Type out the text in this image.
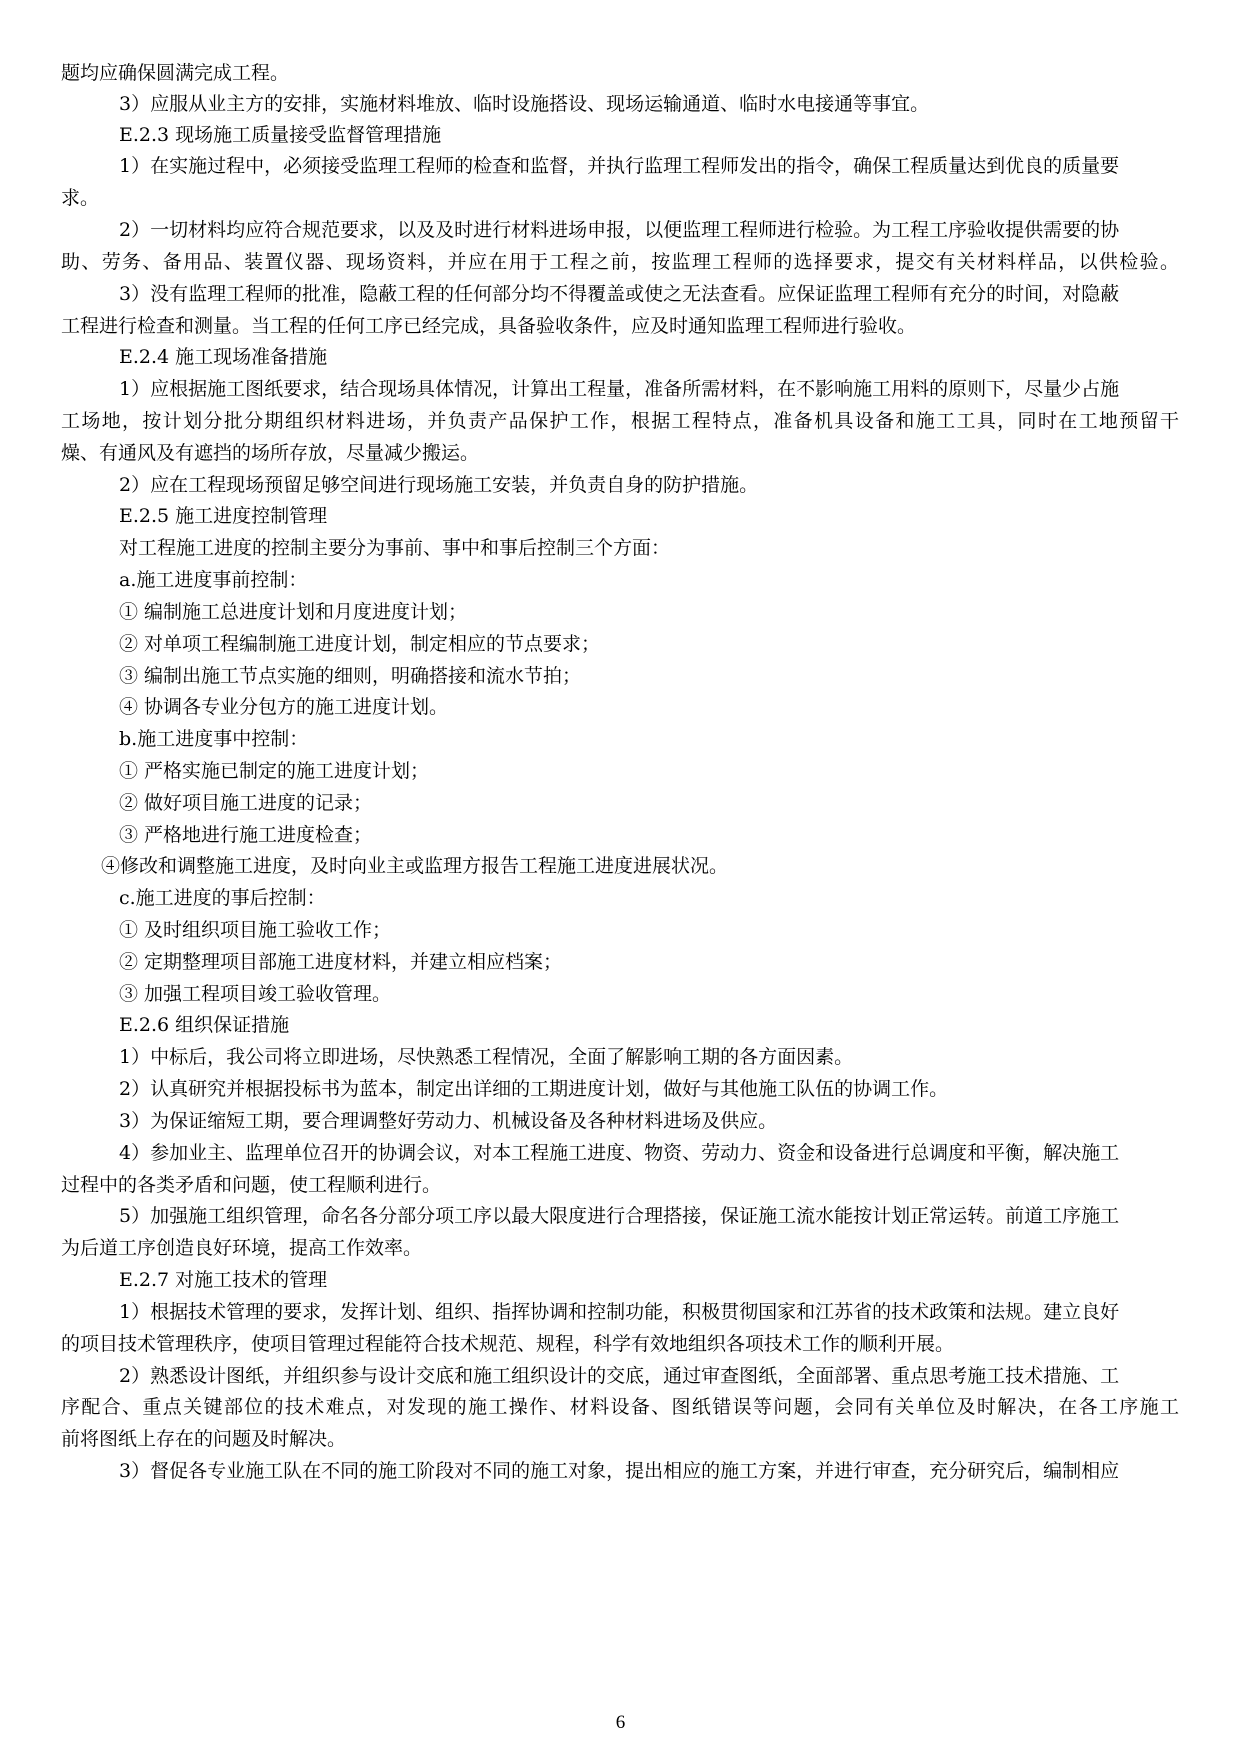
题均应确保圆满完成工程。
3）应服从业主方的安排，实施材料堆放、临时设施搭设、现场运输通道、临时水电接通等事宜。
E.2.3 现场施工质量接受监督管理措施
1）在实施过程中，必须接受监理工程师的检查和监督，并执行监理工程师发出的指令，确保工程质量达到优良的质量要
求。
2）一切材料均应符合规范要求，以及及时进行材料进场申报，以便监理工程师进行检验。为工程工序验收提供需要的协
助、劳务、备用品、装置仪器、现场资料，并应在用于工程之前，按监理工程师的选择要求，提交有关材料样品，以供检验。
3）没有监理工程师的批准，隐蔽工程的任何部分均不得覆盖或使之无法查看。应保证监理工程师有充分的时间，对隐蔽
工程进行检查和测量。当工程的任何工序已经完成，具备验收条件，应及时通知监理工程师进行验收。
E.2.4 施工现场准备措施
1）应根据施工图纸要求，结合现场具体情况，计算出工程量，准备所需材料，在不影响施工用料的原则下，尽量少占施
工场地，按计划分批分期组织材料进场，并负责产品保护工作，根据工程特点，准备机具设备和施工工具，同时在工地预留干
燥、有通风及有遮挡的场所存放，尽量减少搬运。
2）应在工程现场预留足够空间进行现场施工安装，并负责自身的防护措施。
E.2.5 施工进度控制管理
对工程施工进度的控制主要分为事前、事中和事后控制三个方面：
a.施工进度事前控制：
① 编制施工总进度计划和月度进度计划；
② 对单项工程编制施工进度计划，制定相应的节点要求；
③ 编制出施工节点实施的细则，明确搭接和流水节拍；
④ 协调各专业分包方的施工进度计划。
b.施工进度事中控制：
① 严格实施已制定的施工进度计划；
② 做好项目施工进度的记录；
③ 严格地进行施工进度检查；
④修改和调整施工进度，及时向业主或监理方报告工程施工进度进展状况。
c.施工进度的事后控制：
① 及时组织项目施工验收工作；
② 定期整理项目部施工进度材料，并建立相应档案；
③ 加强工程项目竣工验收管理。
E.2.6 组织保证措施
1）中标后，我公司将立即进场，尽快熟悉工程情况，全面了解影响工期的各方面因素。
2）认真研究并根据投标书为蓝本，制定出详细的工期进度计划，做好与其他施工队伍的协调工作。
3）为保证缩短工期，要合理调整好劳动力、机械设备及各种材料进场及供应。
4）参加业主、监理单位召开的协调会议，对本工程施工进度、物资、劳动力、资金和设备进行总调度和平衡，解决施工
过程中的各类矛盾和问题，使工程顺利进行。
5）加强施工组织管理，命名各分部分项工序以最大限度进行合理搭接，保证施工流水能按计划正常运转。前道工序施工
为后道工序创造良好环境，提高工作效率。
E.2.7 对施工技术的管理
1）根据技术管理的要求，发挥计划、组织、指挥协调和控制功能，积极贯彻国家和江苏省的技术政策和法规。建立良好
的项目技术管理秩序，使项目管理过程能符合技术规范、规程，科学有效地组织各项技术工作的顺利开展。
2）熟悉设计图纸，并组织参与设计交底和施工组织设计的交底，通过审查图纸，全面部署、重点思考施工技术措施、工
序配合、重点关键部位的技术难点，对发现的施工操作、材料设备、图纸错误等问题，会同有关单位及时解决，在各工序施工
前将图纸上存在的问题及时解决。
3）督促各专业施工队在不同的施工阶段对不同的施工对象，提出相应的施工方案，并进行审查，充分研究后，编制相应
6
